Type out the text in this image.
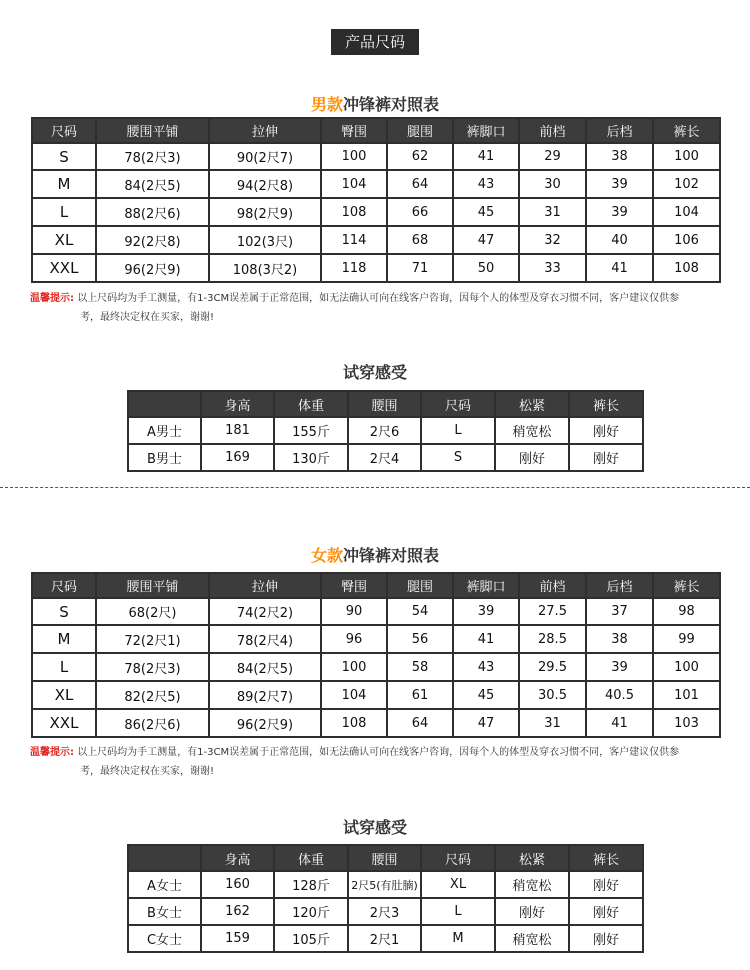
产品尺码
男款冲锋裤对照表
尺码	腰围平铺	拉伸	臀围	腿围	裤脚口	前档	后档	裤长
S	78(2尺3)	90(2尺7)	100	62	41	29	38	100
M	84(2尺5)	94(2尺8)	104	64	43	30	39	102
L	88(2尺6)	98(2尺9)	108	66	45	31	39	104
XL	92(2尺8)	102(3尺)	114	68	47	32	40	106
XXL	96(2尺9)	108(3尺2)	118	71	50	33	41	108
温馨提示: 以上尺码均为手工测量，有1-3CM误差属于正常范围，如无法确认可向在线客户咨询，因每个人的体型及穿衣习惯不同，客户建议仅供参
考，最终决定权在买家，谢谢!
试穿感受
	身高	体重	腰围	尺码	松紧	裤长
A男士	181	155斤	2尺6	L	稍宽松	刚好
B男士	169	130斤	2尺4	S	刚好	刚好
女款冲锋裤对照表
尺码	腰围平铺	拉伸	臀围	腿围	裤脚口	前档	后档	裤长
S	68(2尺)	74(2尺2)	90	54	39	27.5	37	98
M	72(2尺1)	78(2尺4)	96	56	41	28.5	38	99
L	78(2尺3)	84(2尺5)	100	58	43	29.5	39	100
XL	82(2尺5)	89(2尺7)	104	61	45	30.5	40.5	101
XXL	86(2尺6)	96(2尺9)	108	64	47	31	41	103
温馨提示: 以上尺码均为手工测量，有1-3CM误差属于正常范围，如无法确认可向在线客户咨询，因每个人的体型及穿衣习惯不同，客户建议仅供参
考，最终决定权在买家，谢谢!
试穿感受
	身高	体重	腰围	尺码	松紧	裤长
A女士	160	128斤	2尺5(有肚腩)	XL	稍宽松	刚好
B女士	162	120斤	2尺3	L	刚好	刚好
C女士	159	105斤	2尺1	M	稍宽松	刚好
